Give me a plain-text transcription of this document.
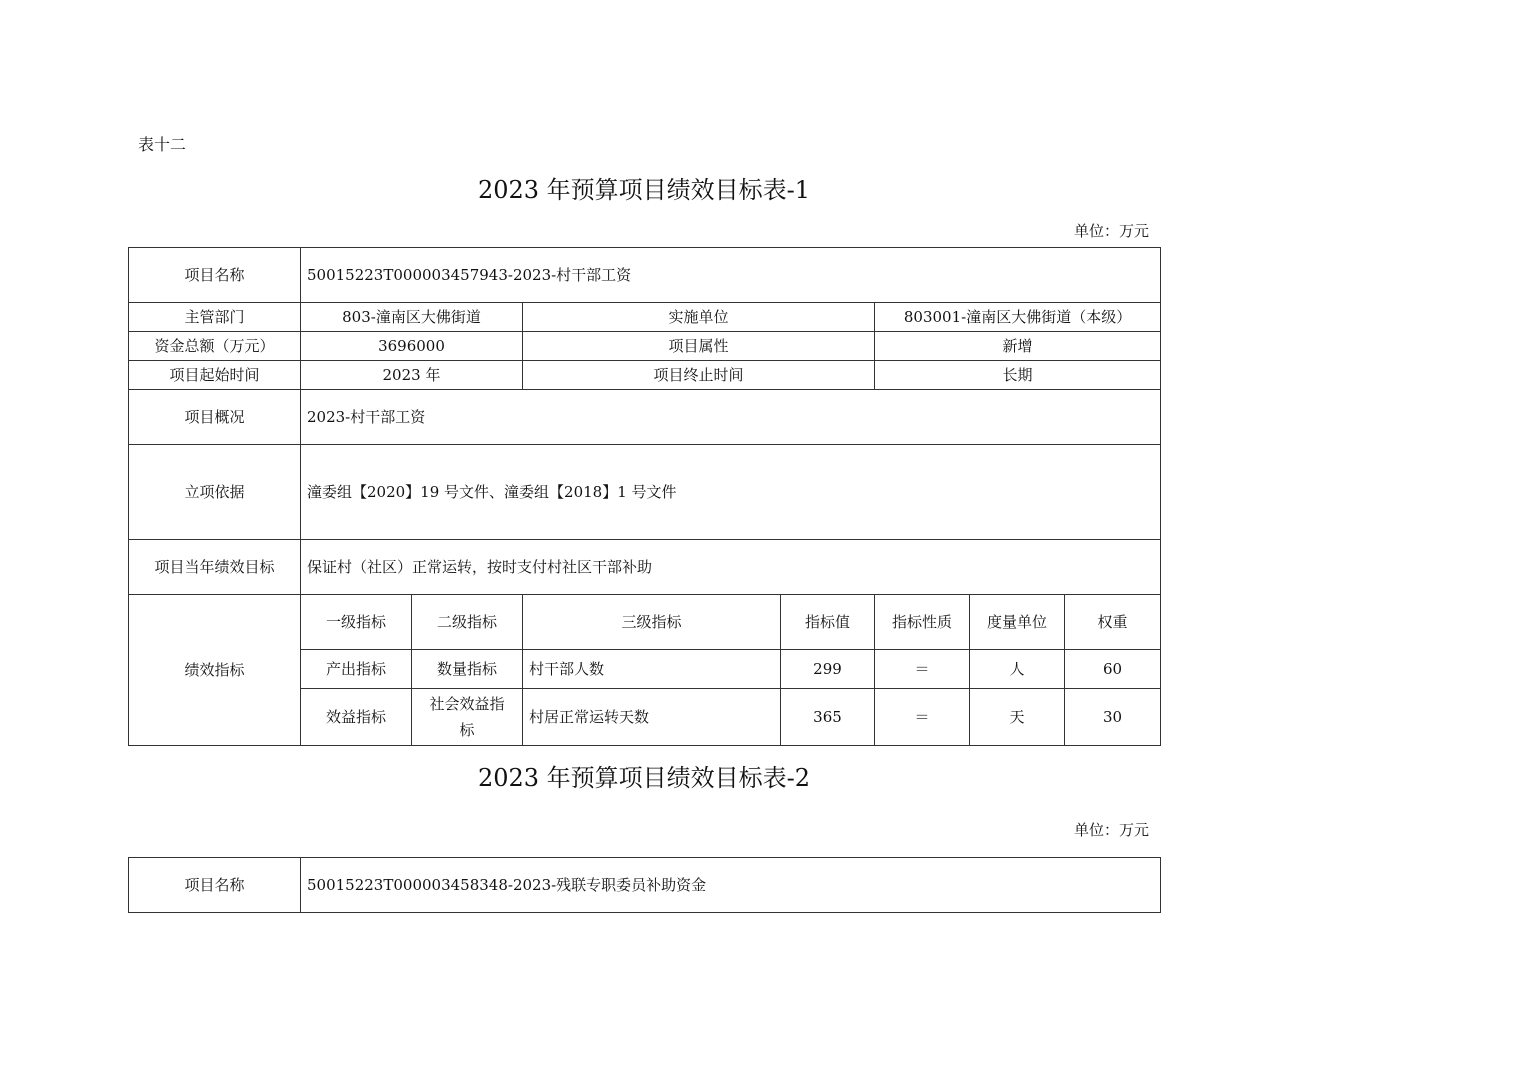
表十二
2023 年预算项目绩效目标表-1
单位：万元
项目名称	50015223T000003457943-2023-村干部工资						
主管部门	803-潼南区大佛街道		实施单位		803001-潼南区大佛街道（本级）		
资金总额（万元）	3696000		项目属性		新增		
项目起始时间	2023 年		项目终止时间		长期		
项目概况	2023-村干部工资						
立项依据	潼委组【2020】19 号文件、潼委组【2018】1 号文件						
项目当年绩效目标	保证村（社区）正常运转，按时支付村社区干部补助						
绩效指标	一级指标	二级指标	三级指标	指标值	指标性质	度量单位	权重
	产出指标	数量指标	村干部人数	299	＝	人	60
	效益指标	社会效益指标	村居正常运转天数	365	＝	天	30
2023 年预算项目绩效目标表-2
单位：万元
项目名称	50015223T000003458348-2023-残联专职委员补助资金
